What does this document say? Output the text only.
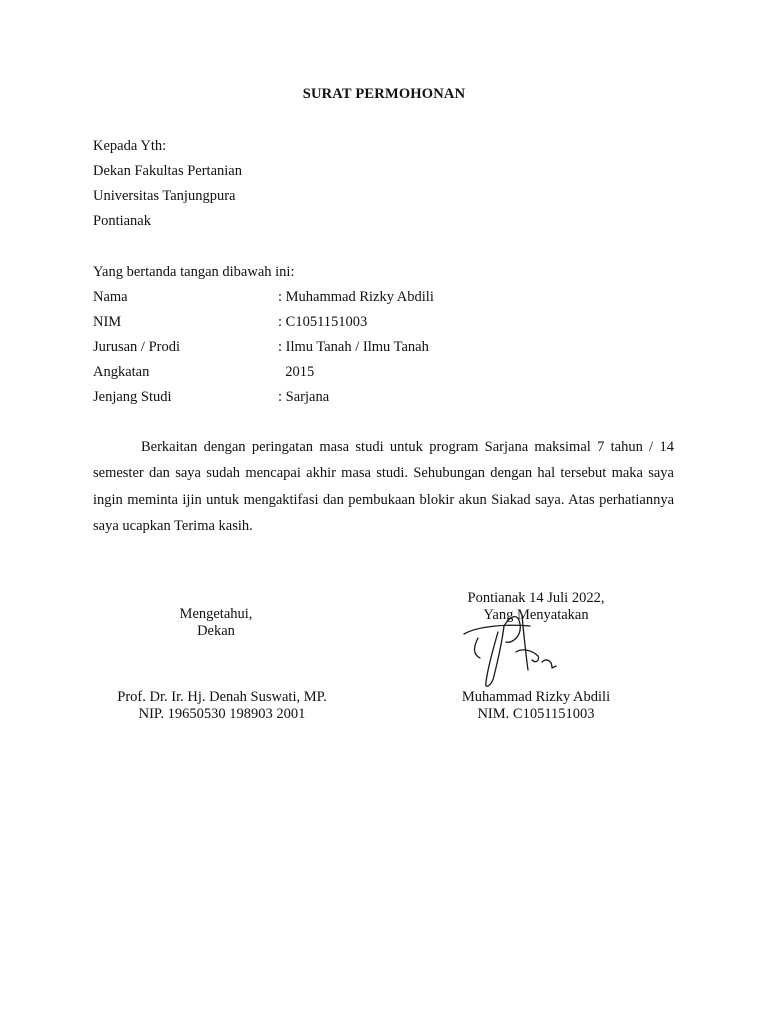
SURAT PERMOHONAN
Kepada Yth:
Dekan Fakultas Pertanian
Universitas Tanjungpura
Pontianak
Yang bertanda tangan dibawah ini:
Nama	: Muhammad Rizky Abdili
NIM	: C1051151003
Jurusan / Prodi	: Ilmu Tanah / Ilmu Tanah
Angkatan	2015
Jenjang Studi	: Sarjana
Berkaitan dengan peringatan masa studi untuk program Sarjana maksimal 7 tahun / 14 semester dan saya sudah mencapai akhir masa studi. Sehubungan dengan hal tersebut maka saya ingin meminta ijin untuk mengaktifasi dan pembukaan blokir akun Siakad saya. Atas perhatiannya saya ucapkan Terima kasih.
Mengetahui,
Dekan
Prof. Dr. Ir. Hj. Denah Suswati, MP.
NIP. 19650530 198903 2001
Pontianak 14 Juli 2022,
Yang Menyatakan
Muhammad Rizky Abdili
NIM. C1051151003
